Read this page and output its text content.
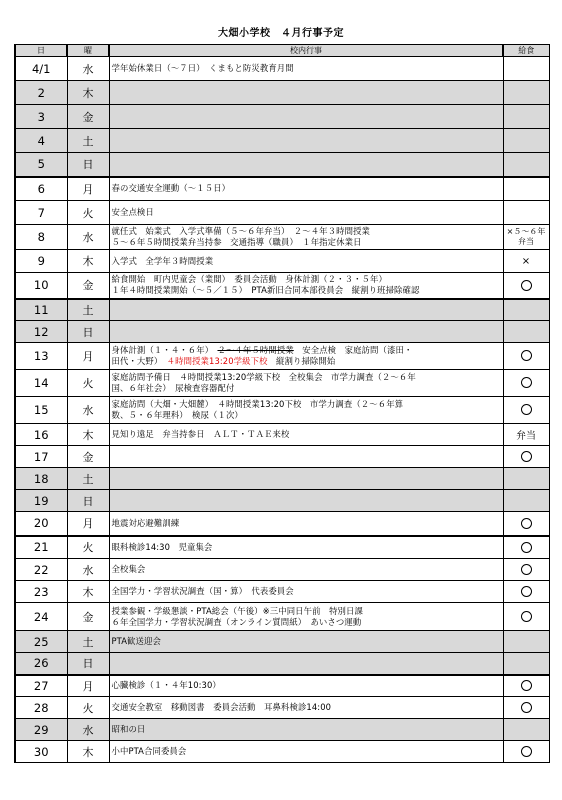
大畑小学校　４月行事予定
日	曜	校内行事	給食
4/1	水	学年始休業日（～７日）　くまもと防災教育月間	

2	木	

3	金	

4	土	

5	日	

6	月	春の交通安全運動（～１５日）	

7	火	安全点検日	

8	水	就任式　始業式　入学式準備（５～６年弁当）　２～４年３時間授業
５～６年５時間授業弁当持参　交通指導（職員）　１年指定休業日	×５～６年弁当

9	木	入学式　全学年３時間授業	×
10	金	給食開始　町内児童会（業間）　委員会活動　身体計測（２・３・５年）
１年４時間授業開始（～５／１５）　PTA新旧合同本部役員会　縦割り班掃除確認	

11	土	

12	日	

13	月	身体計測（１・４・６年）　２～４年５時間授業　安全点検　家庭訪問（漆田・
田代・大野）　４時間授業13:20学級下校　縦割り掃除開始	

14	火	家庭訪問予備日　４時間授業13:20学級下校　全校集会　市学力調査（２～６年
国、６年社会）　尿検査容器配付	

15	水	家庭訪問（大畑・大畑麓）　４時間授業13:20下校　市学力調査（２～６年算
数、５・６年理科）　検尿（１次）	

16	木	見知り遠足　弁当持参日　ＡＬＴ・ＴＡＥ来校	弁当
17	金	

18	土	

19	日	

20	月	地震対応避難訓練	

21	火	眼科検診14:30　児童集会	

22	水	全校集会	

23	木	全国学力・学習状況調査（国・算）　代表委員会	

24	金	授業参観・学級懇談・PTA総会（午後）※三中同日午前　特別日課
６年全国学力・学習状況調査（オンライン質問紙）　あいさつ運動	

25	土	PTA歓送迎会	

26	日	

27	月	心臓検診（１・４年10:30）	

28	火	交通安全教室　移動図書　委員会活動　耳鼻科検診14:00	

29	水	昭和の日	

30	木	小中PTA合同委員会	
